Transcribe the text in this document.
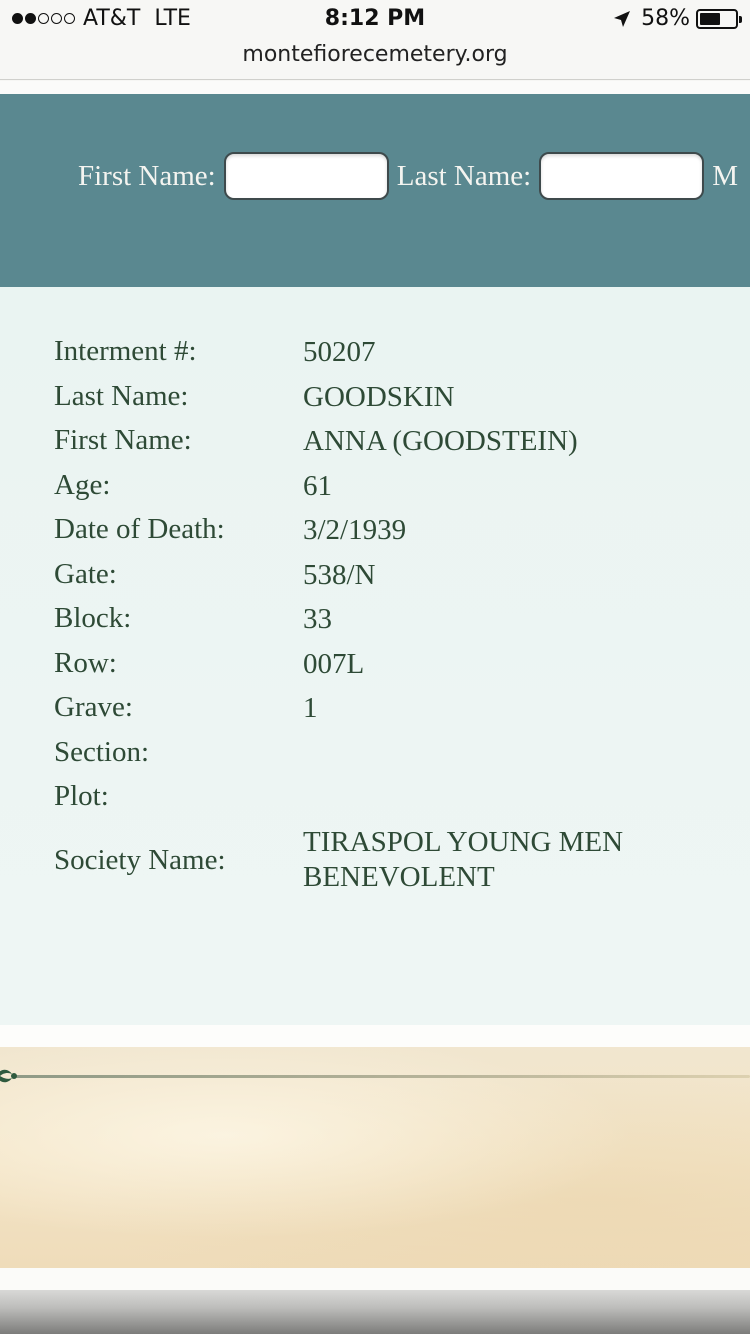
AT&T LTE	8:12 PM	58%
montefiorecemetery.org
First Name:	Last Name:	M
Interment #:	50207
Last Name:	GOODSKIN
First Name:	ANNA (GOODSTEIN)
Age:	61
Date of Death:	3/2/1939
Gate:	538/N
Block:	33
Row:	007L
Grave:	1
Section:
Plot:
Society Name:
TIRASPOL YOUNG MEN
BENEVOLENT
